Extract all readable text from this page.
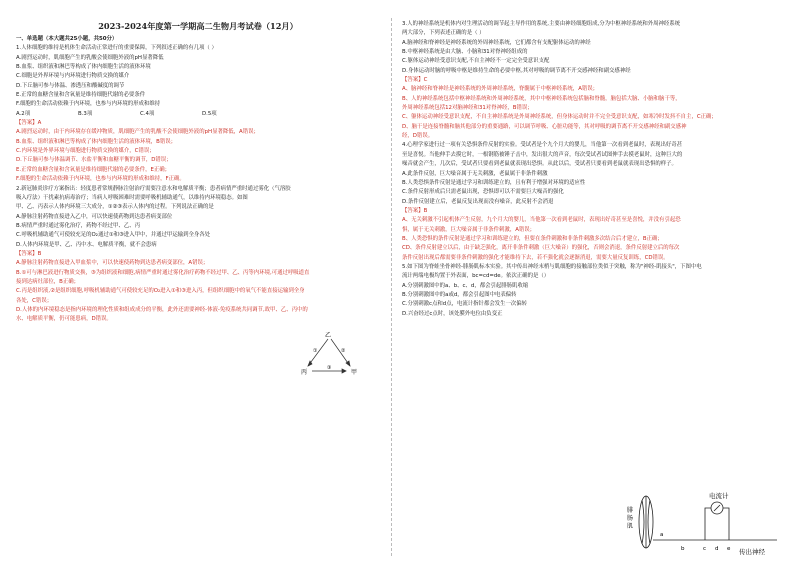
2023-2024年度第一学期高二生物月考试卷（12月）
一、单选题（本大题共25小题，共50分）
1.人体细胞的维持是机体生命活动正常进行的重要保障，下列叙述正确的有几项（ ）
A.剧烈运动时，肌细胞产生的乳酸会使细胞外液的pH显著降低
B.血浆、组织液和淋巴等构成了体内细胞生活的液体环境
C.细胞是外界环境与内环境进行物质交换的媒介
D.下丘脑可参与体温、渗透压和酸碱度的调节
E.正常的血糖含量和含氧量是维持细胞代谢的必要条件
F.细胞的生命活动依赖于内环境，也参与内环境的形成和维持
A.2项	B.3项	C.4项	D.5项
【答案】A
A.剧烈运动时，由于内环境存在缓冲物质，肌细胞产生的乳酸不会使细胞外液的pH显著降低，A错误；
B.血浆、组织液和淋巴等构成了体内细胞生活的液体环境，B错误；
C.内环境是外界环境与细胞进行物质交换的媒介，C错误；
D.下丘脑可参与体温调节、水盐平衡和血糖平衡的调节，D错误；
E.正常的血糖含量和含氧量是维持细胞代谢的必要条件，E正确；
F.细胞的生命活动依赖于内环境，也参与内环境的形成和维持，F正确。
2.新冠肺炎诊疗方案指出：轻度患者常规静脉注射治疗需要注意水和电解质平衡；患者病情严重时通过雾化（气溶胶
吸入疗法）干扰素抗病毒治疗；当病人呼吸困难时需要呼吸机辅助通气，以维持内环境稳态。如图
甲、乙、丙表示人体内环境三大成分，①②③表示人体内的过程。下列说法正确的是
A.静脉注射药物直接进入乙中，可以快速使药物到达患者病变部位
B.病情严重时通过雾化治疗，药物不经过甲、乙、丙
C.呼吸机辅助通气可使较充足的O₂通过①和③进入甲中，并通过甲运输到全身各处
D.人体内环境是甲、乙、丙中水、电解质平衡，就不会患病
【答案】B
A.静脉注射药物直接进入甲血浆中，可以快速使药物到达患者病变部位，A错误；
B.①可与淋巴液进行物质交换，③为组织液和细胞,病情严重时通过雾化治疗药物不经过甲、乙、丙等内环境,可通过呼吸道直
接到达病灶部位，B正确；
C.丙是组织液,②是组织细胞,呼吸机辅助通气可使较充足的O₂进入①和③进入丙，但组织细胞中的氧气不能直接运输到全身
各处，C错误；
D.人体的内环境稳态是指内环境的理化性质和组成成分的平衡，此外还需要神经-体液-免疫系统共同调节,故甲、乙、丙中的
水、电解质平衡，仍可能患病，D错误。
3.人的神经系统是机体内对生理活动的调节起主导作用的系统,主要由神经细胞组成,分为中枢神经系统和外周神经系统
两大部分，下列表述正确的是（ ）
A.脑神经和脊神经是神经系统的外周神经系统，它们都含有支配躯体运动的神经
B.中枢神经系统是由大脑、小脑和31对脊神经组成的
C.躯体运动神经受意识支配,不自主神经不一定完全受意识支配
D.身体运动时脑的呼吸中枢是维持生命的必要中枢,其对呼吸的调节离不开交感神经和副交感神经
【答案】C
A、脑神经和脊神经是神经系统的外周神经系统，脊髓属于中枢神经系统，A错误；
B、人的神经系统包括中枢神经系统和外周神经系统，其中中枢神经系统包括脑和脊髓，脑包括大脑、小脑和脑干等，
外周神经系统包括12对脑神经和31对脊神经，B错误；
C、躯体运动神经受意识支配，不自主神经系统是外周神经系统，但身体运动时并不完全受意识支配，如寒冷时发抖不自主，C正确；
D、脑干是连接脊髓和脑其他部分的重要通路，可以调节呼吸、心脏功能等，其对呼吸的调节离不开交感神经和副交感神
经，D错误。
4.心理学家进行过一项有关恐惧条件反射的实验。受试者是个九个月大的婴儿，当他第一次看到老鼠时，表现出好奇甚
至是喜悦。当他伸手去摸它时，一根钢筋被锤子击中，发出很大的声音，每次受试者试图伸手去摸老鼠时，这种巨大的
噪音就会产生，几次后，受试者只要看到老鼠就表现出恐惧。从此以后，受试者只要看到老鼠就表现出恐惧的样子。
A.此条件反射，巨大噪音属于无关刺激，老鼠属于非条件刺激
B.人类恐惧条件反射是通过学习和训练建立的，且有利于增强对环境的适应性
C.条件反射形成后只需老鼠出现，恐惧即可以不需要巨大噪音的强化
D.条件反射建立后，老鼠反复出现而没有噪音，此反射不会消退
【答案】B
A、无关刺激不引起机体产生反射，九个月大的婴儿，当他第一次看到老鼠时，表现出好奇甚至是喜悦，并没有引起恐
惧，属于无关刺激，巨大噪音属于非条件刺激，A错误；
B、人类恐惧的条件反射是通过学习和训练建立的，但要在条件刺激和非条件刺激多次结合后才建立，B正确；
CD、条件反射建立以后，由于缺乏强化，离开非条件刺激（巨大噪音）的强化，否则会消退，条件反射建立后的每次
条件反射出现后都需要非条件刺激的强化才能维持下去，若不强化就会逐渐消退，需要大量反复训练，CD错误。
5.如下图为脊蛙坐骨神经-腓肠肌标本实验。其中传出神经末梢与肌细胞的接触部位类似于突触，称为"神经-肌接头"，下图中电
流计两端电极均置于外表面，bc=cd=de。依次正确的是（）
A.分别刺激图中的a、b、c、d，都会引起腓肠肌收缩
B.分别刺激图中的a或d，都会引起图中电表偏转
C.分别刺激c点和d点，电流计指针都会发生一次偏转
D.兴奋经过c点时，该处膜外电位由负变正
乙
丙	甲
①	②
③
腓
肠
肌
电流计
a
b	c d e 传出神经
